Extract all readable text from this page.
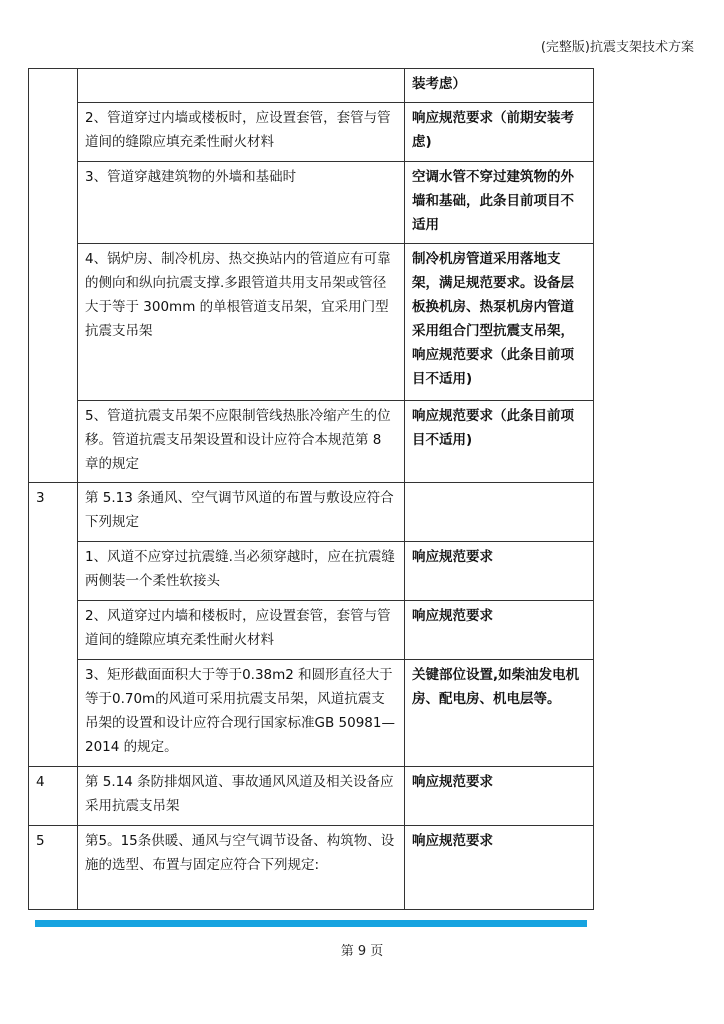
(完整版)抗震支架技术方案
		装考虑）
	2、管道穿过内墙或楼板时，应设置套管，套管与管道间的缝隙应填充柔性耐火材料	响应规范要求（前期安装考虑)
	3、管道穿越建筑物的外墙和基础时	空调水管不穿过建筑物的外墙和基础，此条目前项目不适用
	4、锅炉房、制冷机房、热交换站内的管道应有可靠的侧向和纵向抗震支撑.多跟管道共用支吊架或管径大于等于 300mm 的单根管道支吊架，宜采用门型抗震支吊架	制冷机房管道采用落地支架，满足规范要求。设备层板换机房、热泵机房内管道采用组合门型抗震支吊架，响应规范要求（此条目前项目不适用)
	5、管道抗震支吊架不应限制管线热胀冷缩产生的位移。管道抗震支吊架设置和设计应符合本规范第 8 章的规定	响应规范要求（此条目前项目不适用)
3	第 5.13 条通风、空气调节风道的布置与敷设应符合下列规定	
	1、风道不应穿过抗震缝.当必须穿越时，应在抗震缝两侧装一个柔性软接头	响应规范要求
	2、风道穿过内墙和楼板时，应设置套管，套管与管道间的缝隙应填充柔性耐火材料	响应规范要求
	3、矩形截面面积大于等于0.38m2 和圆形直径大于等于0.70m的风道可采用抗震支吊架，风道抗震支吊架的设置和设计应符合现行国家标准GB 50981—2014 的规定。	关键部位设置,如柴油发电机房、配电房、机电层等。
4	第 5.14 条防排烟风道、事故通风风道及相关设备应采用抗震支吊架	响应规范要求
5	第5。15条供暖、通风与空气调节设备、构筑物、设施的选型、布置与固定应符合下列规定:	响应规范要求
第 9 页
